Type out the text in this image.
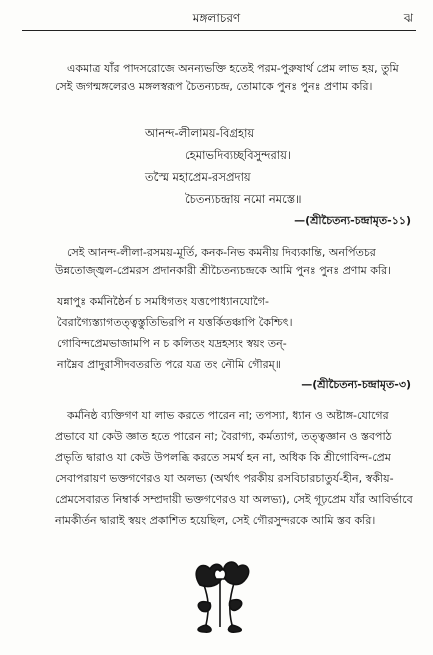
মঙ্গলাচরণ	ঝ

একমাত্র যাঁর পাদসরোজে অনন্যভক্তি হতেই পরম-পুরুষার্থ প্রেম লাভ হয়, তুমি সেই জগন্মঙ্গলেরও মঙ্গলস্বরূপ চৈতন্যচন্দ্র, তোমাকে পুনঃ পুনঃ প্রণাম করি।

আনন্দ-লীলাময়-বিগ্রহায়
হেমাভদিব্যচ্ছবিসুন্দরায়।
তস্মৈ মহাপ্রেম-রসপ্রদায়
চৈতন্যচন্দ্রায় নমো নমস্তে॥
—(শ্রীচৈতন্য-চন্দ্রামৃত-১১)

সেই আনন্দ-লীলা-রসময়-মূর্তি, কনক-নিভ কমনীয় দিব্যকান্তি, অনর্পিতচর উন্নতোজ্জ্বল-প্রেমরস প্রদানকারী শ্রীচৈতন্যচন্দ্রকে আমি পুনঃ পুনঃ প্রণাম করি।

যন্নাপুঃ কর্মনিষ্ঠৈর্ন চ সমধিগতং যত্তপোধ্যানযোগৈ-
বৈরাগ্যৈস্ত্যাগতত্ত্বস্তুতিভিরপি ন যত্তর্কিতঞ্চাপি কৈশ্চিৎ।
গোবিন্দপ্রেমভাজামপি ন চ কলিতং যদ্রহস্যং স্বয়ং তন্-
নাম্নৈব প্রাদুরাসীদবতরতি পরে যত্র তং নৌমি গৌরম্॥
—(শ্রীচৈতন্য-চন্দ্রামৃত-৩)

কর্মনিষ্ঠ ব্যক্তিগণ যা লাভ করতে পারেন না; তপস্যা, ধ্যান ও অষ্টাঙ্গ-যোগের প্রভাবে যা কেউ জ্ঞাত হতে পারেন না; বৈরাগ্য, কর্মত্যাগ, তত্ত্বজ্ঞান ও স্তবপাঠ প্রভৃতি দ্বারাও যা কেউ উপলব্ধি করতে সমর্থ হন না, অধিক কি শ্রীগোবিন্দ-প্রেম সেবাপরায়ণ ভক্তগণেরও যা অলভ্য (অর্থাৎ পরকীয় রসবিচারচাতুর্য-হীন, স্বকীয়-প্রেমসেবারত নিম্বার্ক সম্প্রদায়ী ভক্তগণেরও যা অলভ্য), সেই গূঢ়প্রেম যাঁর আবির্ভাবে নামকীর্তন দ্বারাই স্বয়ং প্রকাশিত হয়েছিল, সেই গৌরসুন্দরকে আমি স্তব করি।
